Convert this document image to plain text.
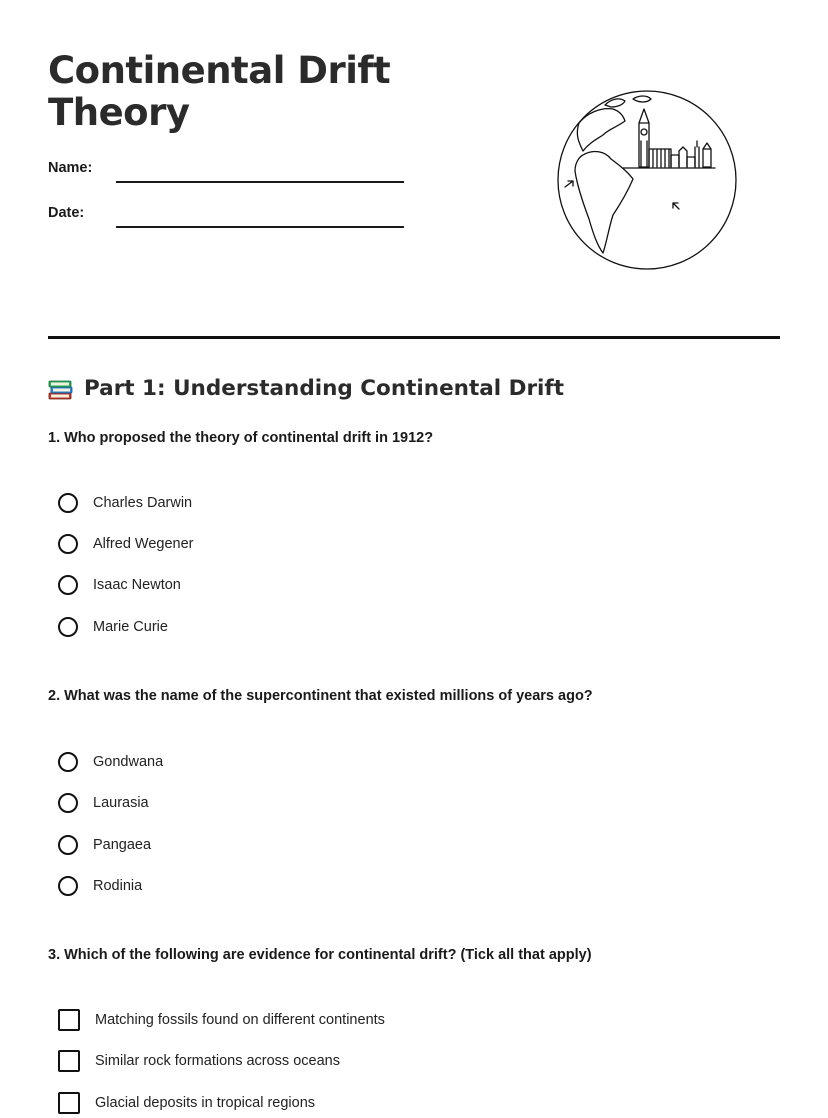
Continental Drift
Theory
Name:
Date:
Part 1: Understanding Continental Drift
1. Who proposed the theory of continental drift in 1912?
Charles Darwin
Alfred Wegener
Isaac Newton
Marie Curie
2. What was the name of the supercontinent that existed millions of years ago?
Gondwana
Laurasia
Pangaea
Rodinia
3. Which of the following are evidence for continental drift? (Tick all that apply)
Matching fossils found on different continents
Similar rock formations across oceans
Glacial deposits in tropical regions
